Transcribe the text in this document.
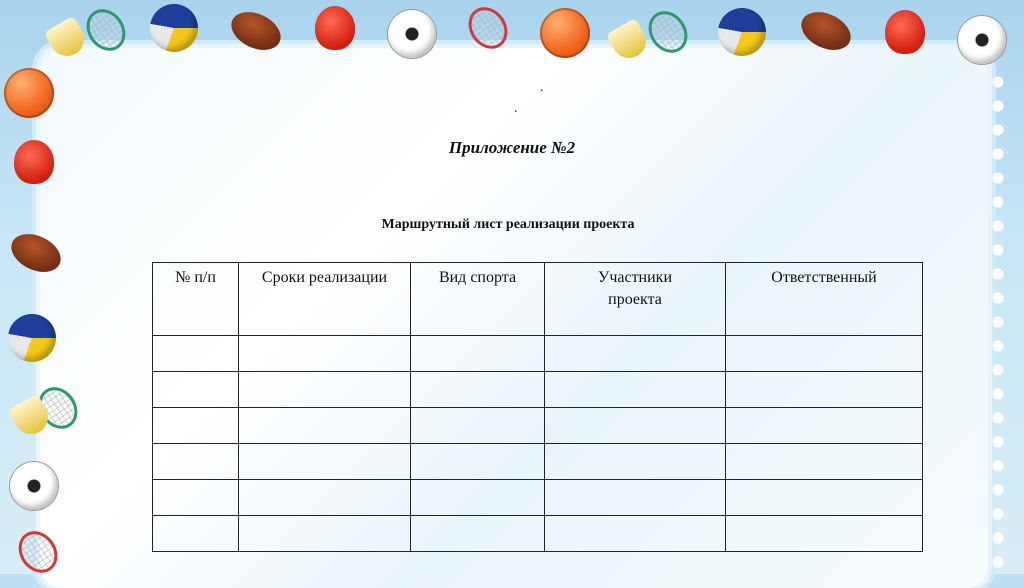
.
.
Приложение №2
Маршрутный лист реализации проекта
№ п/п	Сроки реализации	Вид спорта	Участники проекта	Ответственный
